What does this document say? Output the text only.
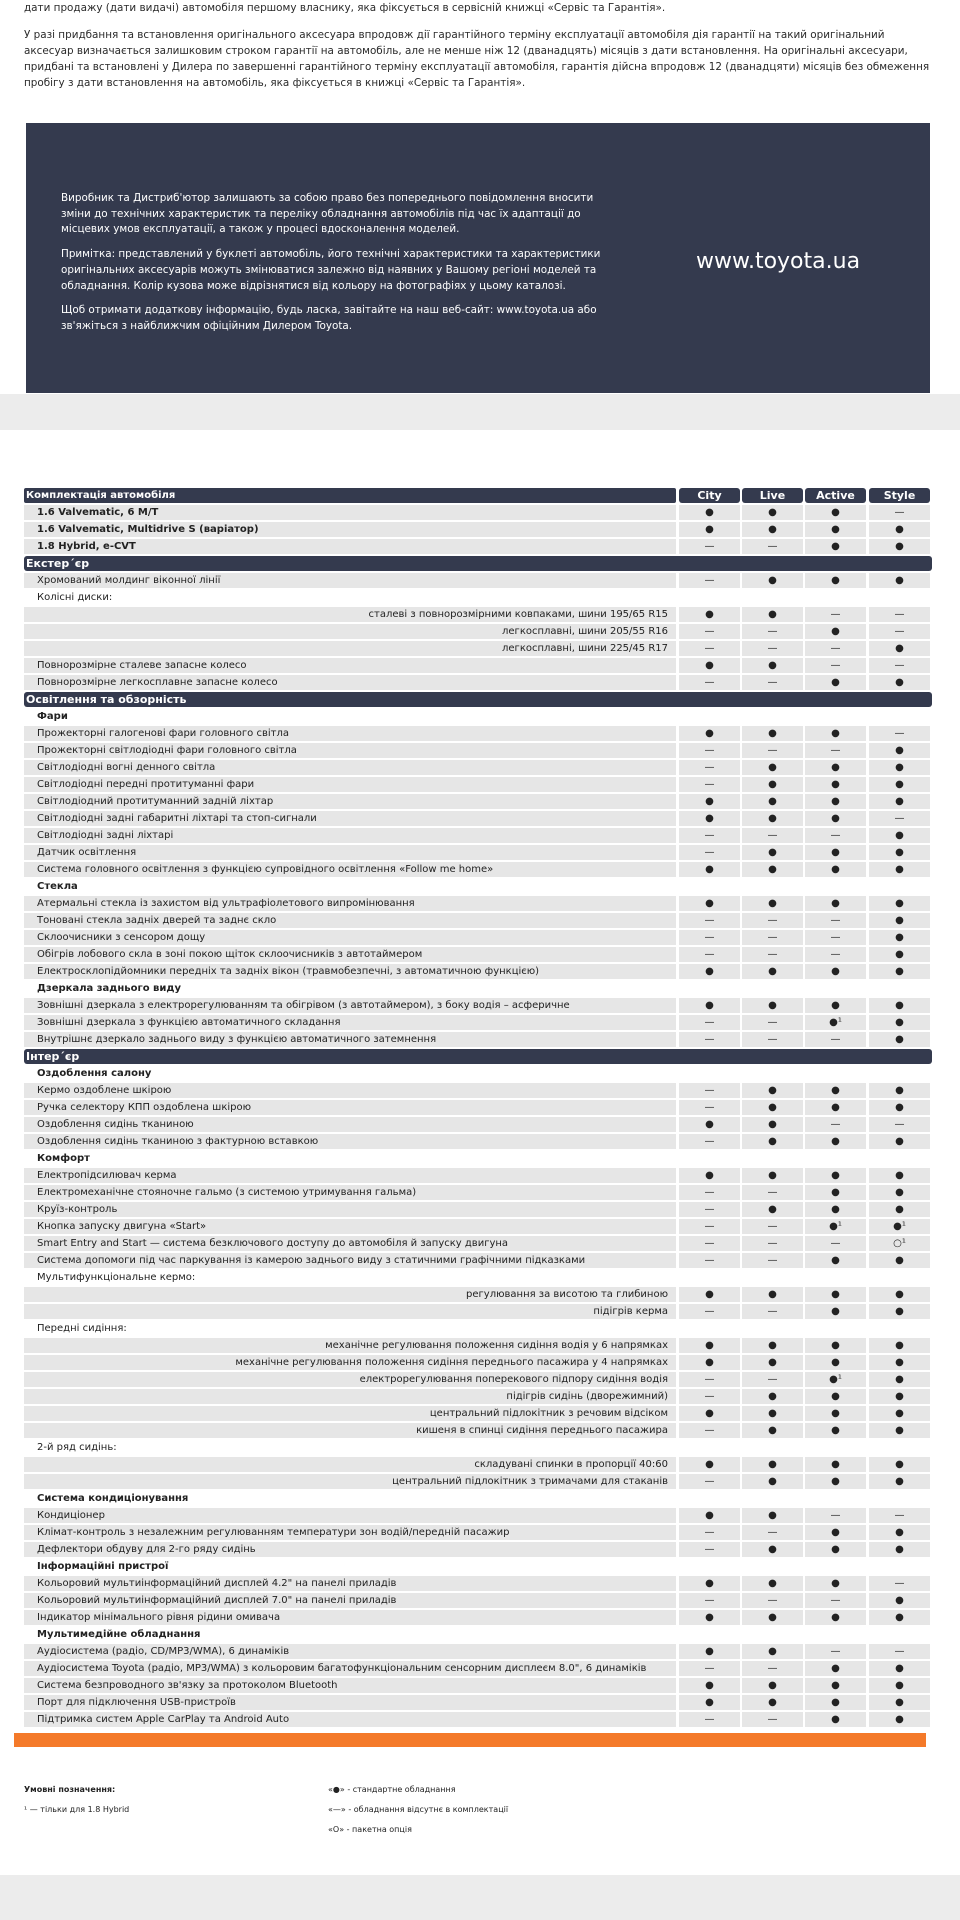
дати продажу (дати видачі) автомобіля першому власнику, яка фіксується в сервісній книжці «Сервіс та Гарантія».

У разі придбання та встановлення оригінального аксесуара впродовж дії гарантійного терміну експлуатації автомобіля дія гарантії на такий оригінальний аксесуар визначається залишковим строком гарантії на автомобіль, але не менше ніж 12 (дванадцять) місяців з дати встановлення. На оригінальні аксесуари, придбані та встановлені у Дилера по завершенні гарантійного терміну експлуатації автомобіля, гарантія дійсна впродовж 12 (дванадцяти) місяців без обмеження пробігу з дати встановлення на автомобіль, яка фіксується в книжці «Сервіс та Гарантія».

Виробник та Дистриб'ютор залишають за собою право без попереднього повідомлення вносити зміни до технічних характеристик та переліку обладнання автомобілів під час їх адаптації до місцевих умов експлуатації, а також у процесі вдосконалення моделей.

Примітка: представлений у буклеті автомобіль, його технічні характеристики та характеристики оригінальних аксесуарів можуть змінюватися залежно від наявних у Вашому регіоні моделей та обладнання. Колір кузова може відрізнятися від кольору на фотографіях у цьому каталозі.

Щоб отримати додаткову інформацію, будь ласка, завітайте на наш веб-сайт: www.toyota.ua або зв'яжіться з найближчим офіційним Дилером Toyota.

www.toyota.ua
Комплектація автомобіля	City	Live	Active	Style
1.6 Valvematic, 6 M/T	●	●	●	—
1.6 Valvematic, Multidrive S (варіатор)	●	●	●	●
1.8 Hybrid, e-CVT	—	—	●	●
Екстер´єр
Хромований молдинг віконної лінії	—	●	●	●
Колісні диски:
сталеві з повнорозмірними ковпаками, шини 195/65 R15	●	●	—	—
легкосплавні, шини 205/55 R16	—	—	●	—
легкосплавні, шини 225/45 R17	—	—	—	●
Повнорозмірне сталеве запасне колесо	●	●	—	—
Повнорозмірне легкосплавне запасне колесо	—	—	●	●
Освітлення та обзорність
Фари
Прожекторні галогенові фари головного світла	●	●	●	—
Прожекторні світлодіодні фари головного світла	—	—	—	●
Світлодіодні вогні денного світла	—	●	●	●
Світлодіодні передні протитуманні фари	—	●	●	●
Світлодіодний протитуманний задній ліхтар	●	●	●	●
Світлодіодні задні габаритні ліхтарі та стоп-сигнали	●	●	●	—
Світлодіодні задні ліхтарі	—	—	—	●
Датчик освітлення	—	●	●	●
Система головного освітлення з функцією супровідного освітлення «Follow me home»	●	●	●	●
Стекла
Атермальні стекла із захистом від ультрафіолетового випромінювання	●	●	●	●
Тоновані стекла задніх дверей та заднє скло	—	—	—	●
Склоочисники з сенсором дощу	—	—	—	●
Обігрів лобового скла в зоні покою щіток склоочисників з автотаймером	—	—	—	●
Електросклопідйомники передніх та задніх вікон (травмобезпечні, з автоматичною функцією)	●	●	●	●
Дзеркала заднього виду
Зовнішні дзеркала з електрорегулюванням та обігрівом (з автотаймером), з боку водія – асферичне	●	●	●	●
Зовнішні дзеркала з функцією автоматичного складання	—	—	●¹	●
Внутрішнє дзеркало заднього виду з функцією автоматичного затемнення	—	—	—	●
Інтер´єр
Оздоблення салону
Кермо оздоблене шкірою	—	●	●	●
Ручка селектору КПП оздоблена шкірою	—	●	●	●
Оздоблення сидінь тканиною	●	●	—	—
Оздоблення сидінь тканиною з фактурною вставкою	—	●	●	●
Комфорт
Електропідсилювач керма	●	●	●	●
Електромеханічне стояночне гальмо (з системою утримування гальма)	—	—	●	●
Круїз-контроль	—	●	●	●
Кнопка запуску двигуна «Start»	—	—	●¹	●¹
Smart Entry and Start — система безключового доступу до автомобіля й запуску двигуна	—	—	—	○¹
Система допомоги під час паркування із камерою заднього виду з статичними графічними підказками	—	—	●	●
Мультифункціональне кермо:
регулювання за висотою та глибиною	●	●	●	●
підігрів керма	—	—	●	●
Передні сидіння:
механічне регулювання положення сидіння водія у 6 напрямках	●	●	●	●
механічне регулювання положення сидіння переднього пасажира у 4 напрямках	●	●	●	●
електрорегулювання поперекового підпору сидіння водія	—	—	●¹	●
підігрів сидінь (дворежимний)	—	●	●	●
центральний підлокітник з речовим відсіком	●	●	●	●
кишеня в спинці сидіння переднього пасажира	—	●	●	●
2-й ряд сидінь:
складувані спинки в пропорції 40:60	●	●	●	●
центральний підлокітник з тримачами для стаканів	—	●	●	●
Система кондиціонування
Кондиціонер	●	●	—	—
Клімат-контроль з незалежним регулюванням температури зон водій/передній пасажир	—	—	●	●
Дефлектори обдуву для 2-го ряду сидінь	—	●	●	●
Інформаційні пристрої
Кольоровий мультиінформаційний дисплей 4.2" на панелі приладів	●	●	●	—
Кольоровий мультиінформаційний дисплей 7.0" на панелі приладів	—	—	—	●
Індикатор мінімального рівня рідини омивача	●	●	●	●
Мультимедійне обладнання
Аудіосистема (радіо, CD/MP3/WMA), 6 динаміків	●	●	—	—
Аудіосистема Toyota (радіо, MP3/WMA) з кольоровим багатофункціональним сенсорним дисплеєм 8.0", 6 динаміків	—	—	●	●
Система безпроводного зв'язку за протоколом Bluetooth	●	●	●	●
Порт для підключення USB-пристроїв	●	●	●	●
Підтримка систем Apple CarPlay та Android Auto	—	—	●	●
Умовні позначення:
¹ — тільки для 1.8 Hybrid
«●» - стандартне обладнання
«—» - обладнання відсутнє в комплектації
«О» - пакетна опція
